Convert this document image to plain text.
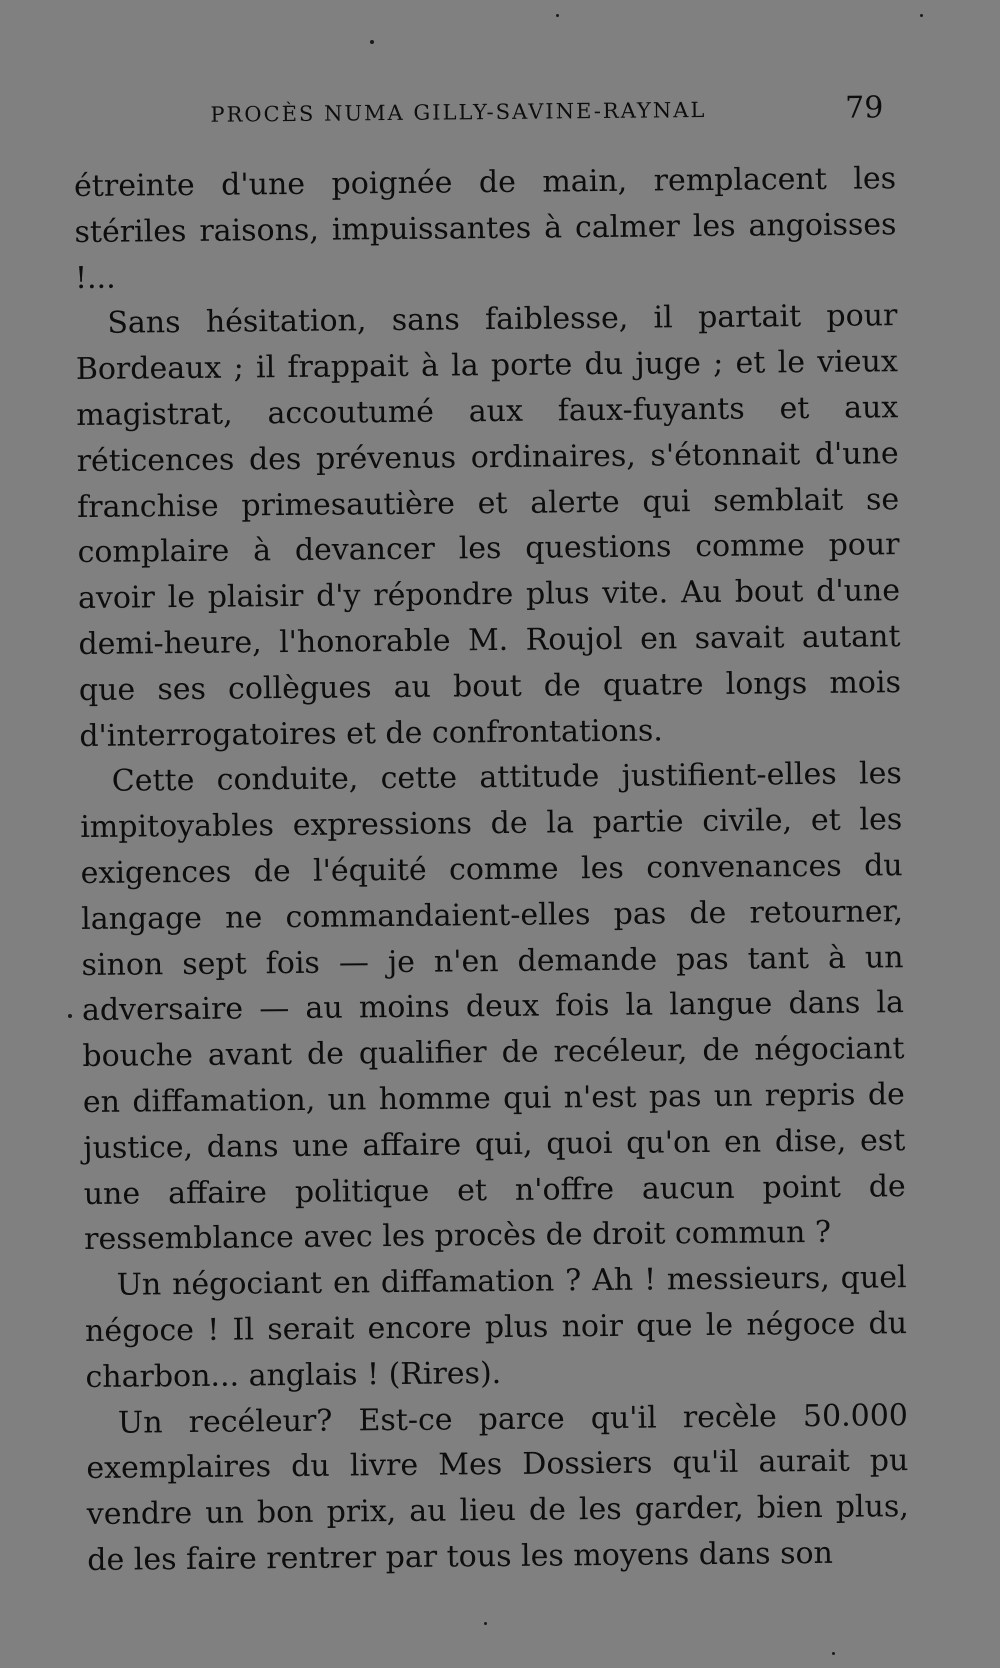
PROCÈS NUMA GILLY-SAVINE-RAYNAL	79

étreinte d'une poignée de main, remplacent les stériles raisons, impuissantes à calmer les angoisses !...

Sans hésitation, sans faiblesse, il partait pour Bordeaux ; il frappait à la porte du juge ; et le vieux magistrat, accoutumé aux faux-fuyants et aux réticences des prévenus ordinaires, s'étonnait d'une franchise primesautière et alerte qui semblait se complaire à devancer les questions comme pour avoir le plaisir d'y répondre plus vite. Au bout d'une demi-heure, l'honorable M. Roujol en savait autant que ses collègues au bout de quatre longs mois d'interrogatoires et de confrontations.

Cette conduite, cette attitude justifient-elles les impitoyables expressions de la partie civile, et les exigences de l'équité comme les convenances du langage ne commandaient-elles pas de retourner, sinon sept fois — je n'en demande pas tant à un adversaire — au moins deux fois la langue dans la bouche avant de qualifier de recéleur, de négociant en diffamation, un homme qui n'est pas un repris de justice, dans une affaire qui, quoi qu'on en dise, est une affaire politique et n'offre aucun point de ressemblance avec les procès de droit commun ?

Un négociant en diffamation ? Ah ! messieurs, quel négoce ! Il serait encore plus noir que le négoce du charbon... anglais ! (Rires).

Un recéleur? Est-ce parce qu'il recèle 50.000 exemplaires du livre Mes Dossiers qu'il aurait pu vendre un bon prix, au lieu de les garder, bien plus, de les faire rentrer par tous les moyens dans son
